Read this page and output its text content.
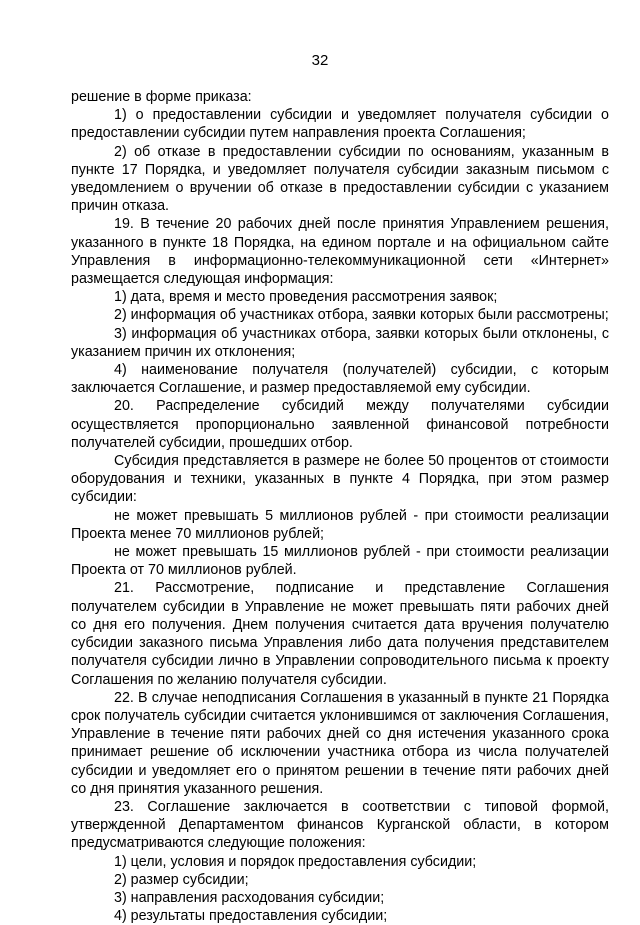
32

решение в форме приказа:

1) о предоставлении субсидии и уведомляет получателя субсидии о предоставлении субсидии путем направления проекта Соглашения;

2) об отказе в предоставлении субсидии по основаниям, указанным в пункте 17 Порядка, и уведомляет получателя субсидии заказным письмом с уведомлением о вручении об отказе в предоставлении субсидии с указанием причин отказа.

19. В течение 20 рабочих дней после принятия Управлением решения, указанного в пункте 18 Порядка, на едином портале и на официальном сайте Управления в информационно-телекоммуникационной сети «Интернет» размещается следующая информация:

1) дата, время и место проведения рассмотрения заявок;

2) информация об участниках отбора, заявки которых были рассмотрены;

3) информация об участниках отбора, заявки которых были отклонены, с указанием причин их отклонения;

4) наименование получателя (получателей) субсидии, с которым заключается Соглашение, и размер предоставляемой ему субсидии.

20. Распределение субсидий между получателями субсидии осуществляется пропорционально заявленной финансовой потребности получателей субсидии, прошедших отбор.

Субсидия представляется в размере не более 50 процентов от стоимости оборудования и техники, указанных в пункте 4 Порядка, при этом размер субсидии:

не может превышать 5 миллионов рублей - при стоимости реализации Проекта менее 70 миллионов рублей;

не может превышать 15 миллионов рублей - при стоимости реализации Проекта от 70 миллионов рублей.

21. Рассмотрение, подписание и представление Соглашения получателем субсидии в Управление не может превышать пяти рабочих дней со дня его получения. Днем получения считается дата вручения получателю субсидии заказного письма Управления либо дата получения представителем получателя субсидии лично в Управлении сопроводительного письма к проекту Соглашения по желанию получателя субсидии.

22. В случае неподписания Соглашения в указанный в пункте 21 Порядка срок получатель субсидии считается уклонившимся от заключения Соглашения, Управление в течение пяти рабочих дней со дня истечения указанного срока принимает решение об исключении участника отбора из числа получателей субсидии и уведомляет его о принятом решении в течение пяти рабочих дней со дня принятия указанного решения.

23. Соглашение заключается в соответствии с типовой формой, утвержденной Департаментом финансов Курганской области, в котором предусматриваются следующие положения:

1) цели, условия и порядок предоставления субсидии;

2) размер субсидии;

3) направления расходования субсидии;

4) результаты предоставления субсидии;
